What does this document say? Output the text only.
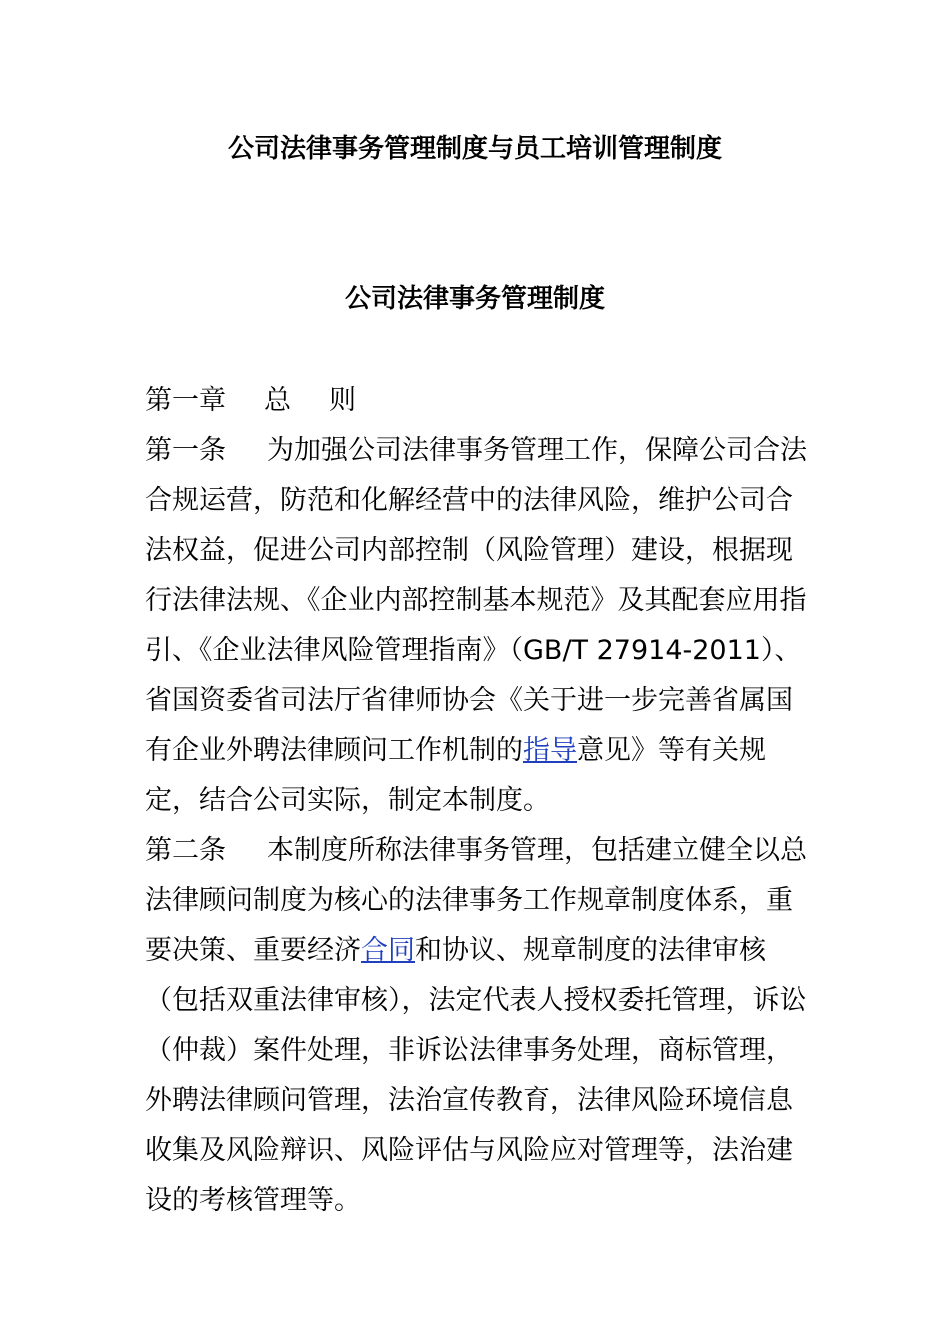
公司法律事务管理制度与员工培训管理制度
公司法律事务管理制度

第一章 总 则

第一条 为加强公司法律事务管理工作，保障公司合法合规运营，防范和化解经营中的法律风险，维护公司合法权益，促进公司内部控制（风险管理）建设，根据现行法律法规、《企业内部控制基本规范》及其配套应用指引、《企业法律风险管理指南》（GB/T 27914-2011）、省国资委省司法厅省律师协会《关于进一步完善省属国有企业外聘法律顾问工作机制的指导意见》等有关规定，结合公司实际，制定本制度。

第二条 本制度所称法律事务管理，包括建立健全以总法律顾问制度为核心的法律事务工作规章制度体系，重要决策、重要经济合同和协议、规章制度的法律审核（包括双重法律审核），法定代表人授权委托管理，诉讼（仲裁）案件处理，非诉讼法律事务处理，商标管理，外聘法律顾问管理，法治宣传教育，法律风险环境信息收集及风险辩识、风险评估与风险应对管理等，法治建设的考核管理等。
